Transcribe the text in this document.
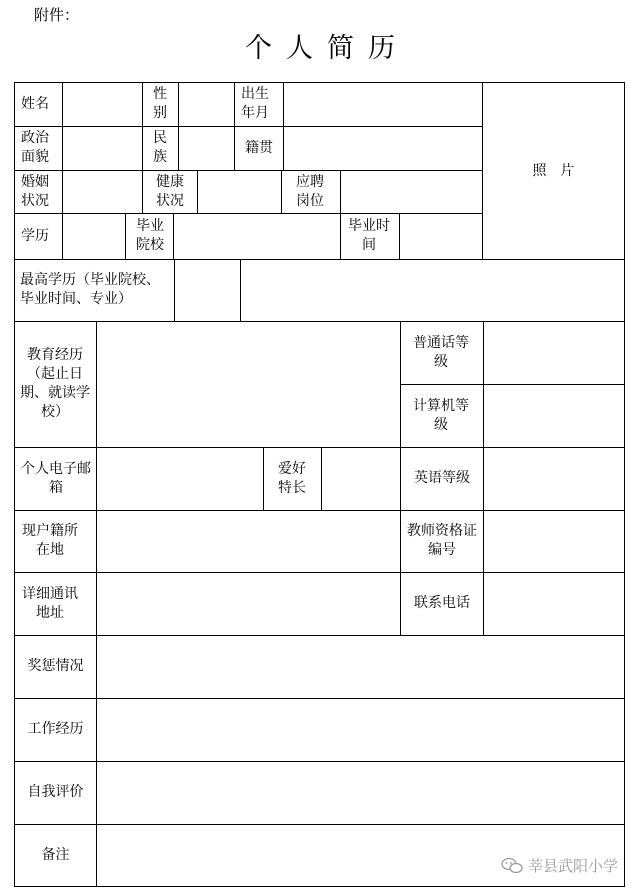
附件：
个人简历
姓名
性别
出生年月
政治面貌
民族
籍贯
婚姻状况
健康状况
应聘岗位
照　片
学历
毕业院校
毕业时间
最高学历（毕业院校、毕业时间、专业）
教育经历（起止日期、就读学校）
普通话等级
计算机等级
个人电子邮箱
爱好特长
英语等级
现户籍所在地
教师资格证编号
详细通讯地址
联系电话
奖惩情况
工作经历
自我评价
备注
莘县武阳小学
